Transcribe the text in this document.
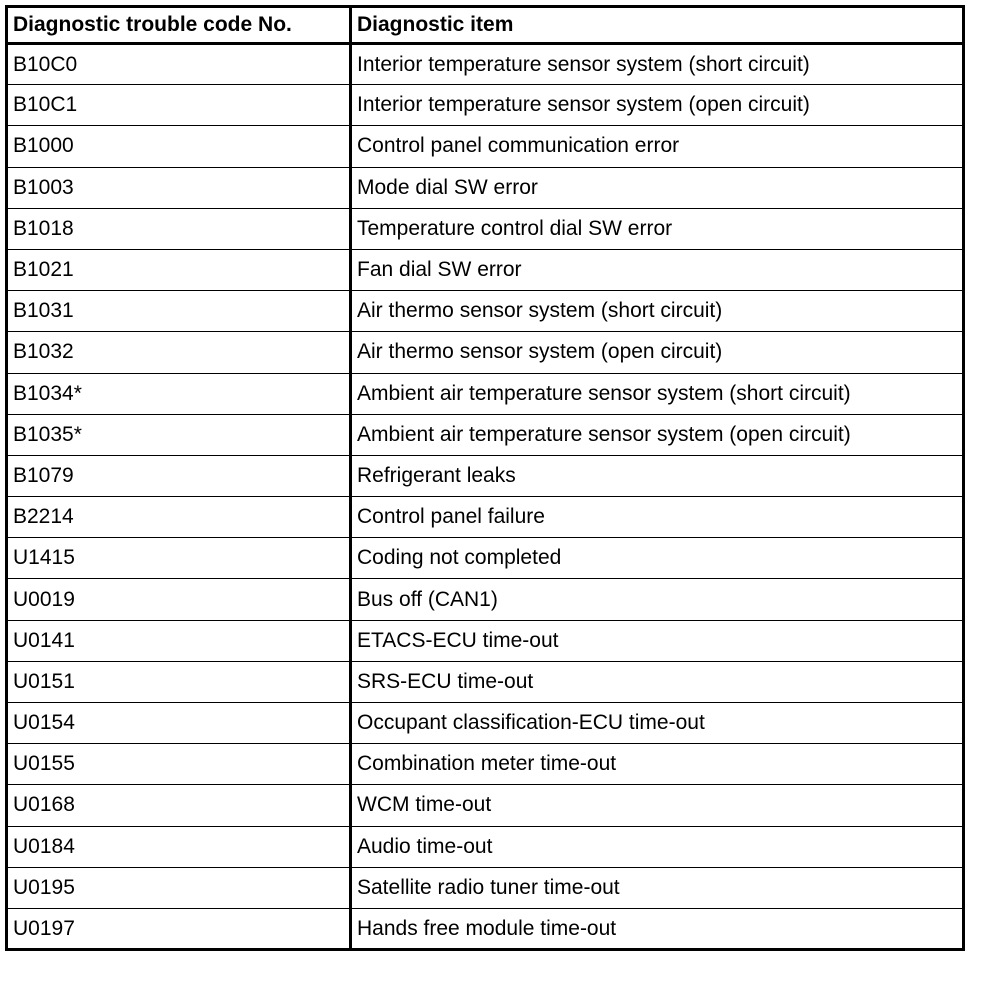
Diagnostic trouble code No.	Diagnostic item
B10C0	Interior temperature sensor system (short circuit)
B10C1	Interior temperature sensor system (open circuit)
B1000	Control panel communication error
B1003	Mode dial SW error
B1018	Temperature control dial SW error
B1021	Fan dial SW error
B1031	Air thermo sensor system (short circuit)
B1032	Air thermo sensor system (open circuit)
B1034*	Ambient air temperature sensor system (short circuit)
B1035*	Ambient air temperature sensor system (open circuit)
B1079	Refrigerant leaks
B2214	Control panel failure
U1415	Coding not completed
U0019	Bus off (CAN1)
U0141	ETACS-ECU time-out
U0151	SRS-ECU time-out
U0154	Occupant classification-ECU time-out
U0155	Combination meter time-out
U0168	WCM time-out
U0184	Audio time-out
U0195	Satellite radio tuner time-out
U0197	Hands free module time-out
